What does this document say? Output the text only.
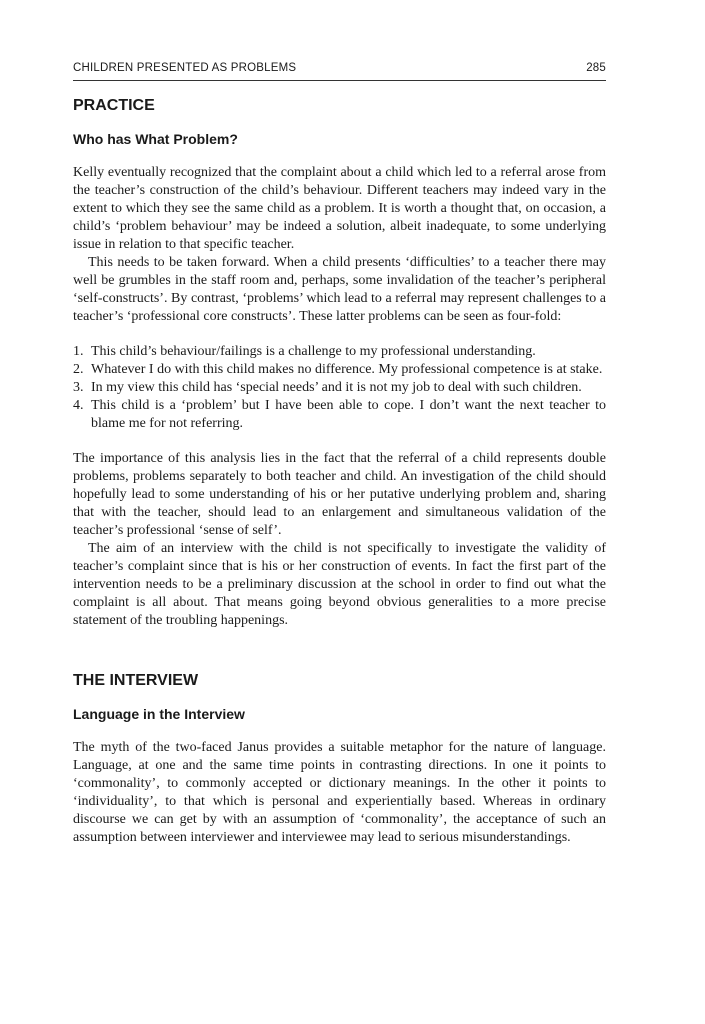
CHILDREN PRESENTED AS PROBLEMS	285
PRACTICE
Who has What Problem?

Kelly eventually recognized that the complaint about a child which led to a referral arose from the teacher’s construction of the child’s behaviour. Different teachers may indeed vary in the extent to which they see the same child as a problem. It is worth a thought that, on occasion, a child’s ‘problem behaviour’ may be indeed a solution, albeit inadequate, to some underlying issue in relation to that specific teacher.

This needs to be taken forward. When a child presents ‘difficulties’ to a teacher there may well be grumbles in the staff room and, perhaps, some invalidation of the teacher’s peripheral ‘self-constructs’. By contrast, ‘problems’ which lead to a referral may represent challenges to a teacher’s ‘professional core constructs’. These latter problems can be seen as four-fold:

1. This child’s behaviour/failings is a challenge to my professional understanding.
2. Whatever I do with this child makes no difference. My professional competence is at stake.
3. In my view this child has ‘special needs’ and it is not my job to deal with such children.
4. This child is a ‘problem’ but I have been able to cope. I don’t want the next teacher to blame me for not referring.

The importance of this analysis lies in the fact that the referral of a child represents double problems, problems separately to both teacher and child. An investigation of the child should hopefully lead to some understanding of his or her putative underlying problem and, sharing that with the teacher, should lead to an enlargement and simultaneous validation of the teacher’s professional ‘sense of self’.

The aim of an interview with the child is not specifically to investigate the validity of teacher’s complaint since that is his or her construction of events. In fact the first part of the intervention needs to be a preliminary discussion at the school in order to find out what the complaint is all about. That means going beyond obvious generalities to a more precise statement of the troubling happenings.

THE INTERVIEW
Language in the Interview

The myth of the two-faced Janus provides a suitable metaphor for the nature of language. Language, at one and the same time points in contrasting directions. In one it points to ‘commonality’, to commonly accepted or dictionary meanings. In the other it points to ‘individuality’, to that which is personal and experientially based. Whereas in ordinary discourse we can get by with an assumption of ‘commonality’, the acceptance of such an assumption between interviewer and interviewee may lead to serious misunderstandings.
